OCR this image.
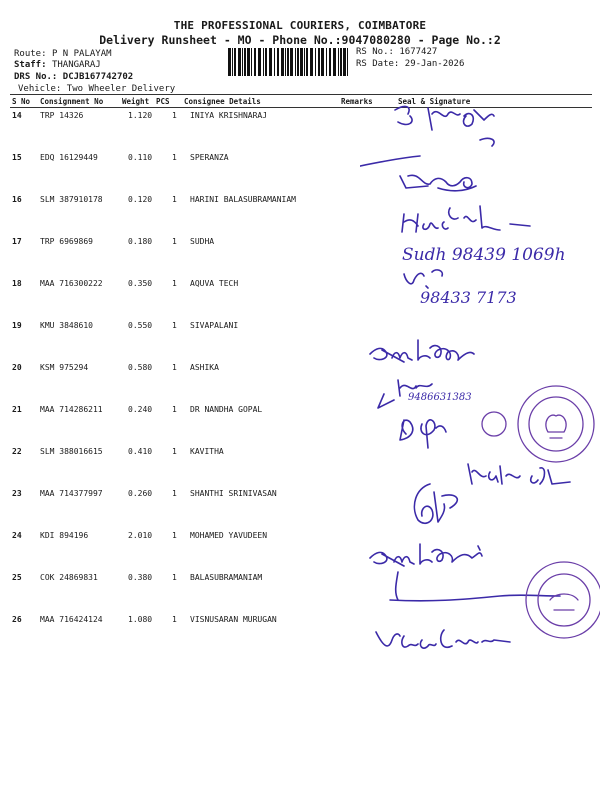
THE PROFESSIONAL COURIERS, COIMBATORE
Delivery Runsheet - MO - Phone No.:9047080280 - Page No.:2
Route: P N PALAYAM
Staff: THANGARAJ
DRS No.: DCJB167742702
Vehicle: Two Wheeler Delivery
RS No.: 1677427
RS Date: 29-Jan-2026
S No Consignment No	Weight PCS Consignee Details	Remarks	Seal & Signature
14 TRP 14326	1.120 1 INIYA KRISHNARAJ
15 EDQ 16129449	0.110 1 SPERANZA
16 SLM 387910178	0.120 1 HARINI BALASUBRAMANIAM
17 TRP 6969869	0.180 1 SUDHA
18 MAA 716300222	0.350 1 AQUVA TECH
19 KMU 3848610	0.550 1 SIVAPALANI
20 KSM 975294	0.580 1 ASHIKA
21 MAA 714286211	0.240 1 DR NANDHA GOPAL
22 SLM 388016615	0.410 1 KAVITHA
23 MAA 714377997	0.260 1 SHANTHI SRINIVASAN
24 KDI 894196	2.010 1 MOHAMED YAVUDEEN
25 COK 24869831	0.380 1 BALASUBRAMANIAM
26 MAA 716424124	1.080 1 VISNUSARAN MURUGAN
Sudh 98439 1069h
98433 7173
9486631383
